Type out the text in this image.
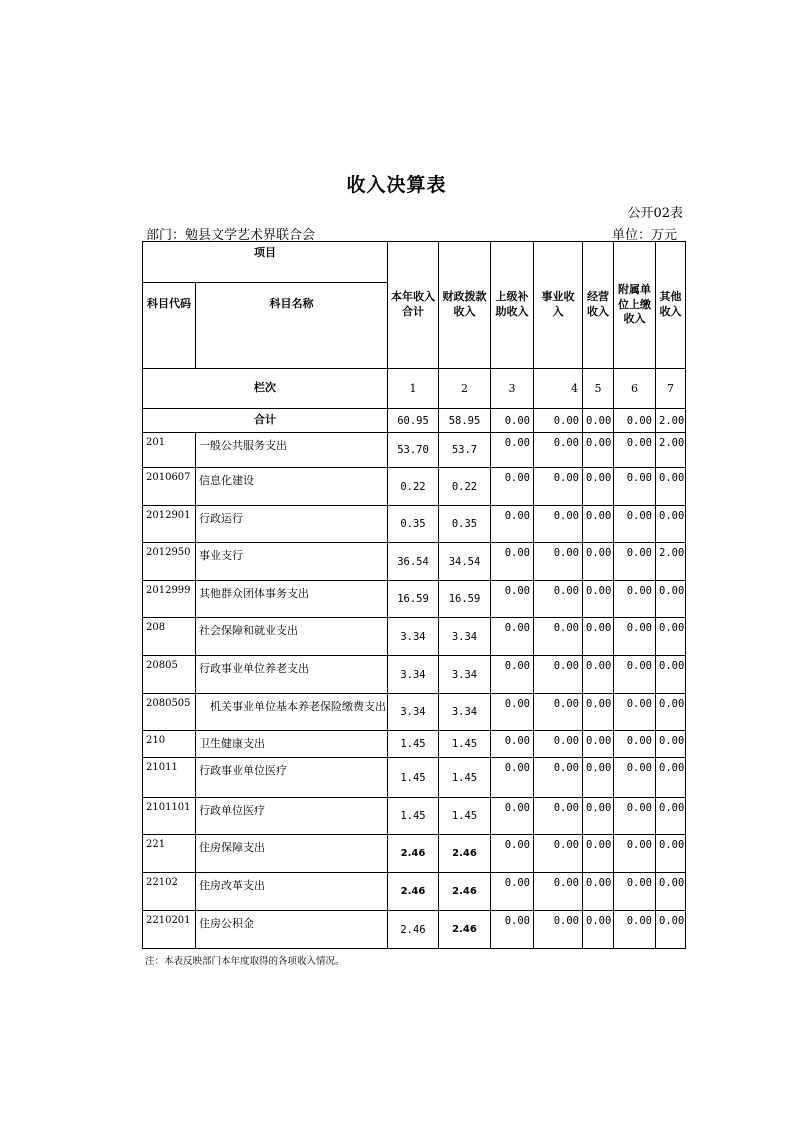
收入决算表
公开02表
部门：勉县文学艺术界联合会	单位：万元
项目		本年收入合计	财政拨款收入	上级补助收入	事业收入	经营收入	附属单位上缴收入	其他收入
科目代码	科目名称							
栏次		1	2	3	4	5	6	7
合计		60.95	58.95	0.00	0.00	0.00	0.00	2.00
201	一般公共服务支出	53.70	53.7	0.00	0.00	0.00	0.00	2.00
2010607	信息化建设	0.22	0.22	0.00	0.00	0.00	0.00	0.00
2012901	行政运行	0.35	0.35	0.00	0.00	0.00	0.00	0.00
2012950	事业支行	36.54	34.54	0.00	0.00	0.00	0.00	2.00
2012999	其他群众团体事务支出	16.59	16.59	0.00	0.00	0.00	0.00	0.00
208	社会保障和就业支出	3.34	3.34	0.00	0.00	0.00	0.00	0.00
20805	行政事业单位养老支出	3.34	3.34	0.00	0.00	0.00	0.00	0.00
2080505	机关事业单位基本养老保险缴费支出	3.34	3.34	0.00	0.00	0.00	0.00	0.00
210	卫生健康支出	1.45	1.45	0.00	0.00	0.00	0.00	0.00
21011	行政事业单位医疗	1.45	1.45	0.00	0.00	0.00	0.00	0.00
2101101	行政单位医疗	1.45	1.45	0.00	0.00	0.00	0.00	0.00
221	住房保障支出	2.46	2.46	0.00	0.00	0.00	0.00	0.00
22102	住房改革支出	2.46	2.46	0.00	0.00	0.00	0.00	0.00
2210201	住房公积金	2.46	2.46	0.00	0.00	0.00	0.00	0.00
注：本表反映部门本年度取得的各项收入情况。
